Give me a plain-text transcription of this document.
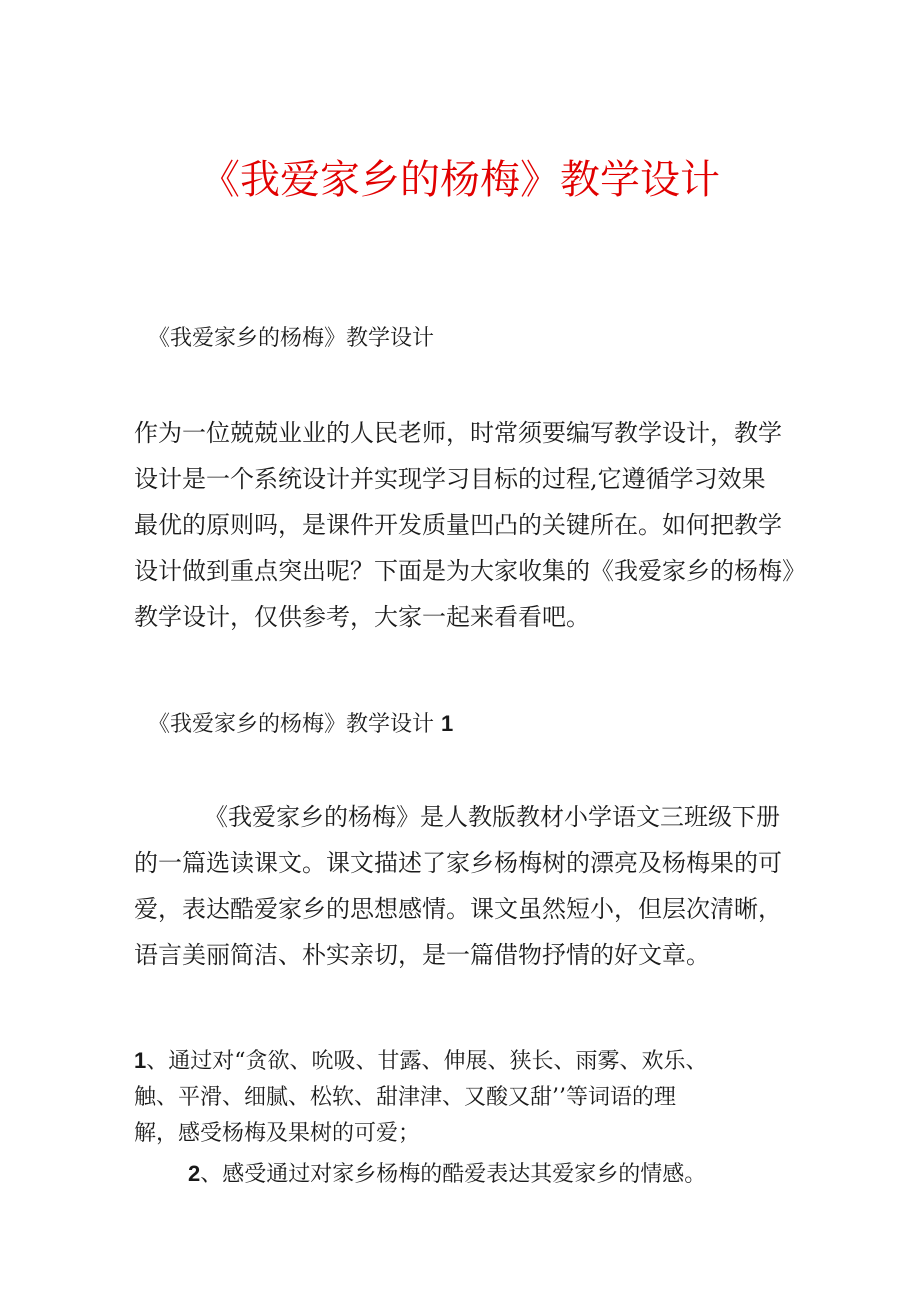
《我爱家乡的杨梅》教学设计
《我爱家乡的杨梅》教学设计

作为一位兢兢业业的人民老师，时常须要编写教学设计，教学
设计是一个系统设计并实现学习目标的过程,它遵循学习效果
最优的原则吗，是课件开发质量凹凸的关键所在。如何把教学
设计做到重点突出呢？下面是为大家收集的《我爱家乡的杨梅》
教学设计，仅供参考，大家一起来看看吧。

《我爱家乡的杨梅》教学设计 1

《我爱家乡的杨梅》是人教版教材小学语文三班级下册
的一篇选读课文。课文描述了家乡杨梅树的漂亮及杨梅果的可
爱，表达酷爱家乡的思想感情。课文虽然短小，但层次清晰，
语言美丽简洁、朴实亲切，是一篇借物抒情的好文章。

1、通过对“贪欲、吮吸、甘露、伸展、狭长、雨雾、欢乐、
触、平滑、细腻、松软、甜津津、又酸又甜’’等词语的理
解，感受杨梅及果树的可爱；

2、感受通过对家乡杨梅的酷爱表达其爱家乡的情感。
